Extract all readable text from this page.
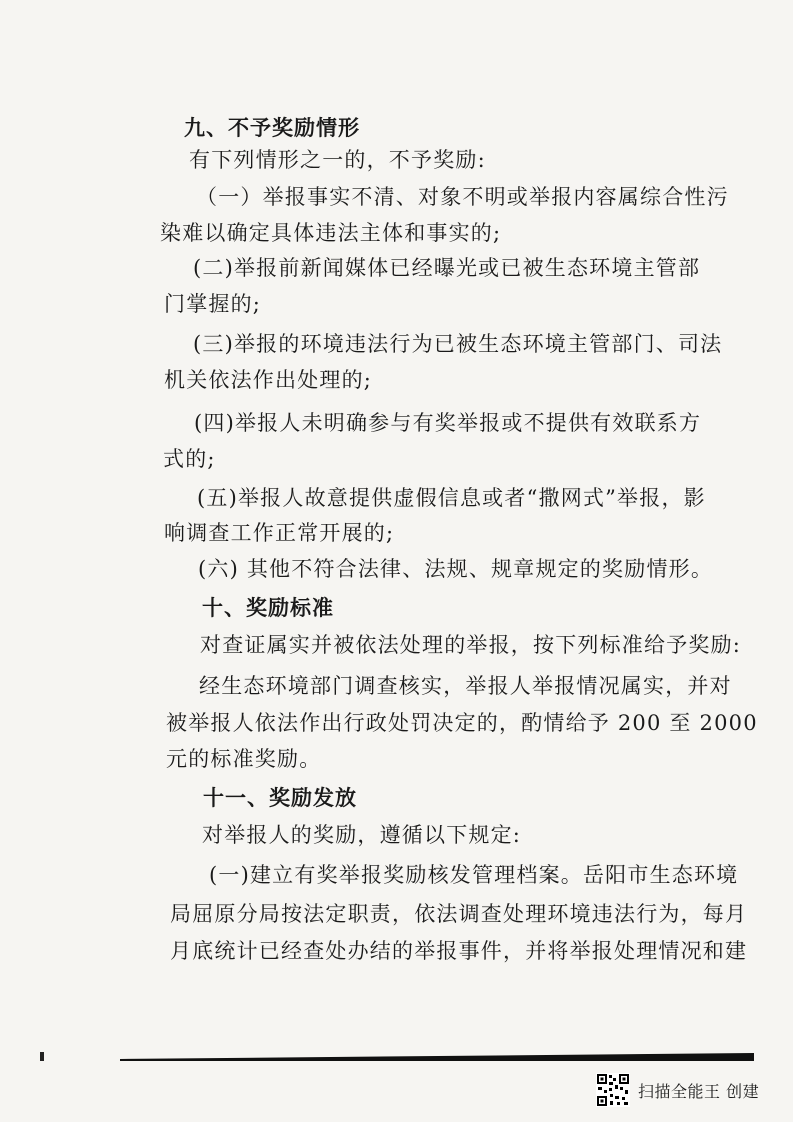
九、不予奖励情形
有下列情形之一的，不予奖励:
（一）举报事实不清、对象不明或举报内容属综合性污
染难以确定具体违法主体和事实的;
(二)举报前新闻媒体已经曝光或已被生态环境主管部
门掌握的;
(三)举报的环境违法行为已被生态环境主管部门、司法
机关依法作出处理的;
(四)举报人未明确参与有奖举报或不提供有效联系方
式的;
(五)举报人故意提供虚假信息或者“撒网式”举报，影
响调查工作正常开展的;
(六) 其他不符合法律、法规、规章规定的奖励情形。
十、奖励标准
对查证属实并被依法处理的举报，按下列标准给予奖励:
经生态环境部门调查核实，举报人举报情况属实，并对
被举报人依法作出行政处罚决定的，酌情给予 200 至 2000
元的标准奖励。
十一、奖励发放
对举报人的奖励，遵循以下规定:
(一)建立有奖举报奖励核发管理档案。岳阳市生态环境
局屈原分局按法定职责，依法调查处理环境违法行为，每月
月底统计已经查处办结的举报事件，并将举报处理情况和建
扫描全能王 创建
